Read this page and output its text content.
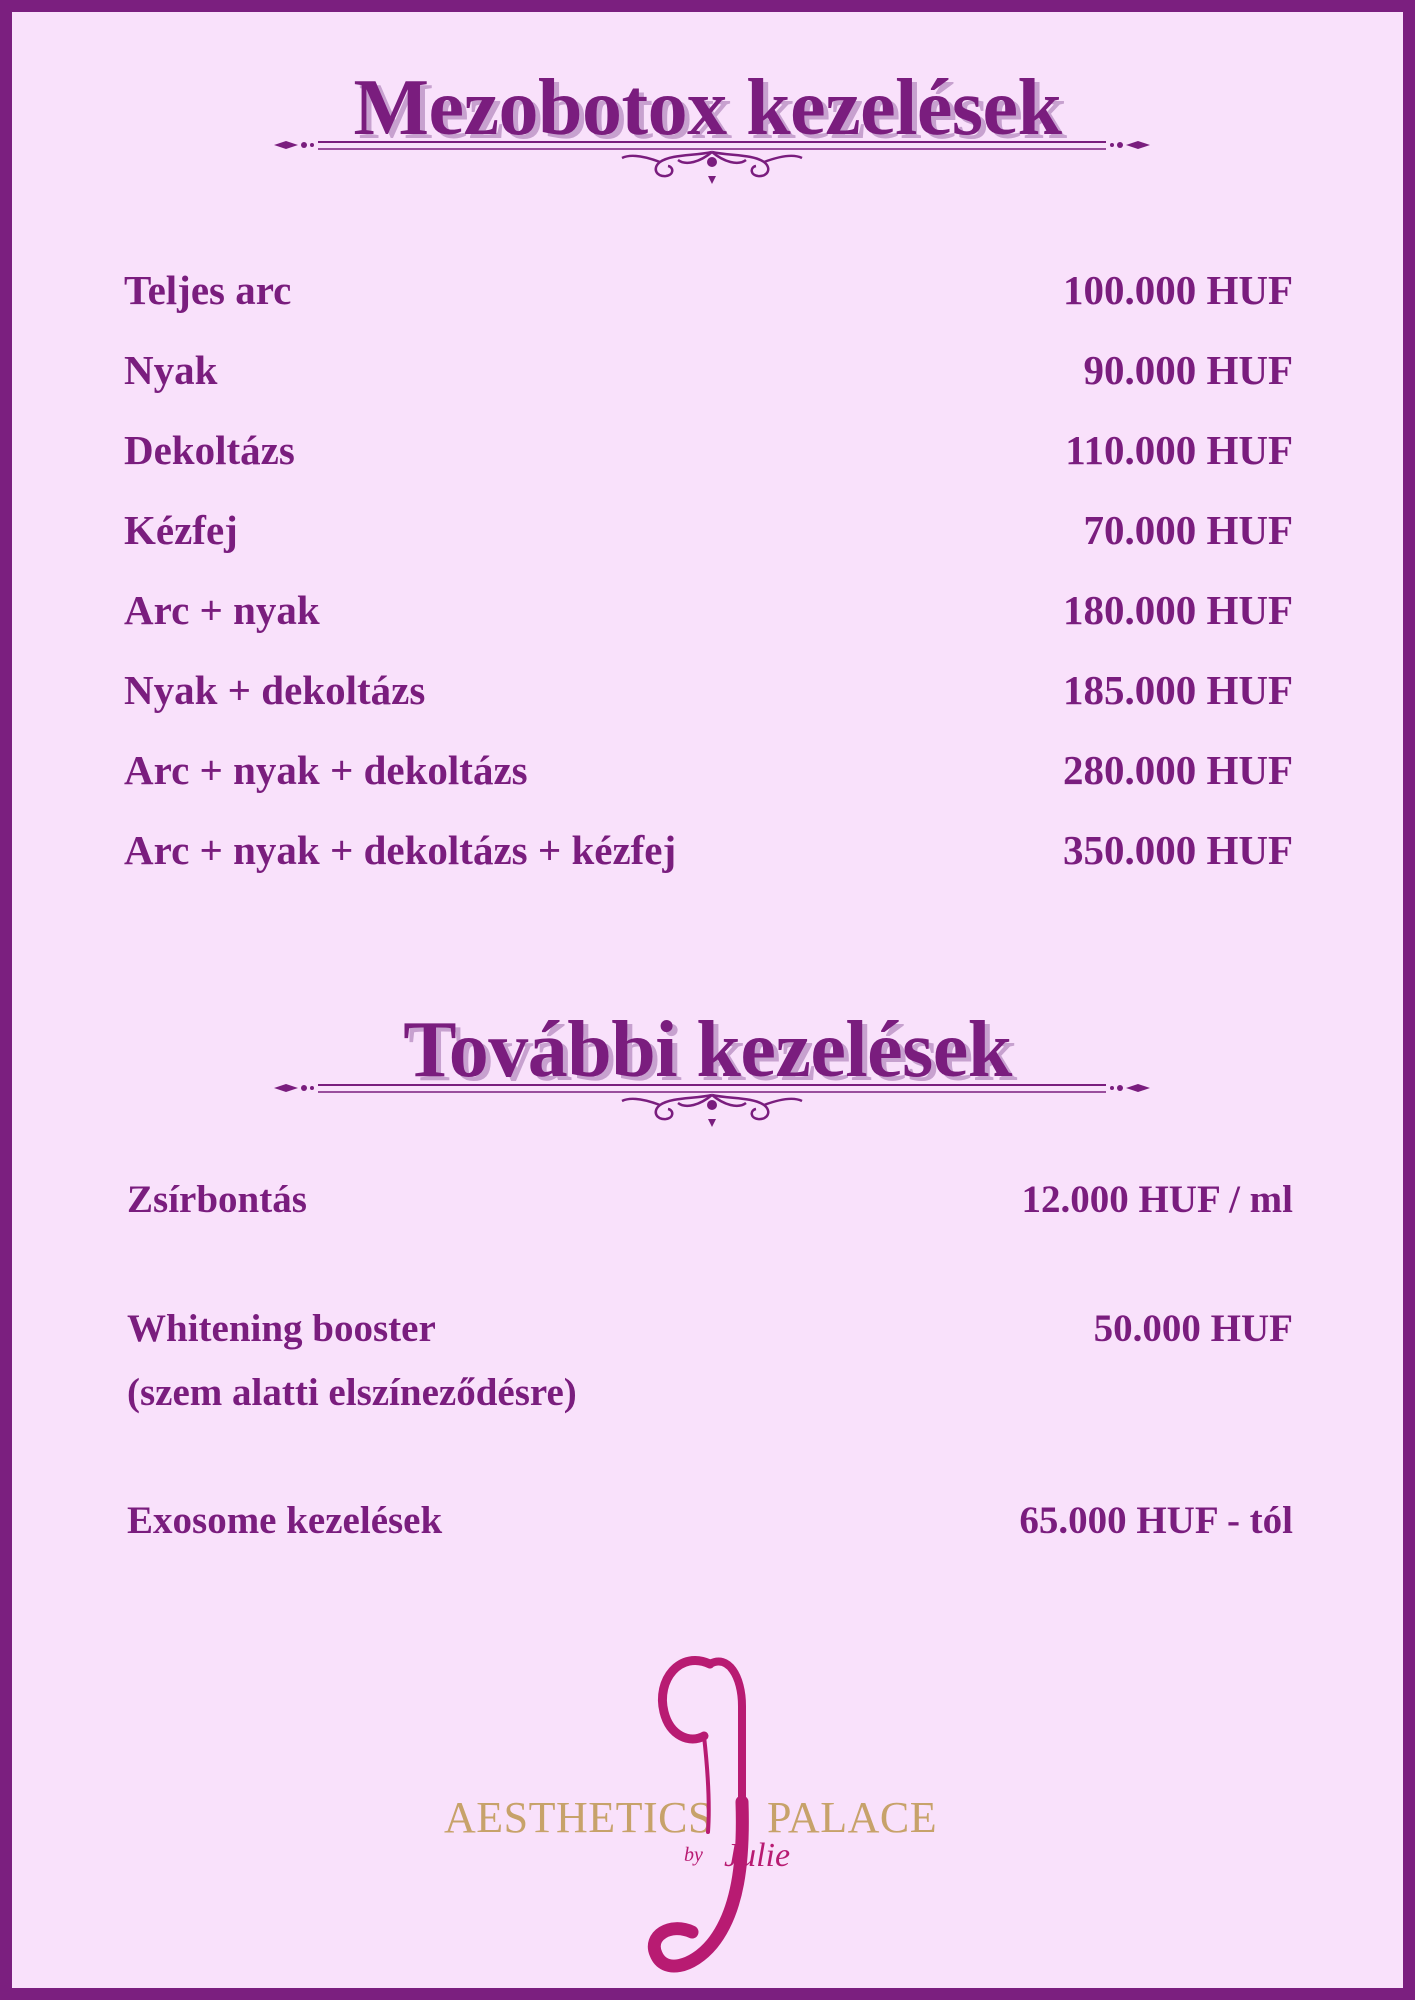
Mezobotox kezelések
Teljes arc	100.000 HUF
Nyak	90.000 HUF
Dekoltázs	110.000 HUF
Kézfej	70.000 HUF
Arc + nyak	180.000 HUF
Nyak + dekoltázs	185.000 HUF
Arc + nyak + dekoltázs	280.000 HUF
Arc + nyak + dekoltázs + kézfej	350.000 HUF
További kezelések
Zsírbontás	12.000 HUF / ml
Whitening booster	50.000 HUF
(szem alatti elszíneződésre)
Exosome kezelések	65.000 HUF - tól
AESTHETICS PALACE
by Julie
